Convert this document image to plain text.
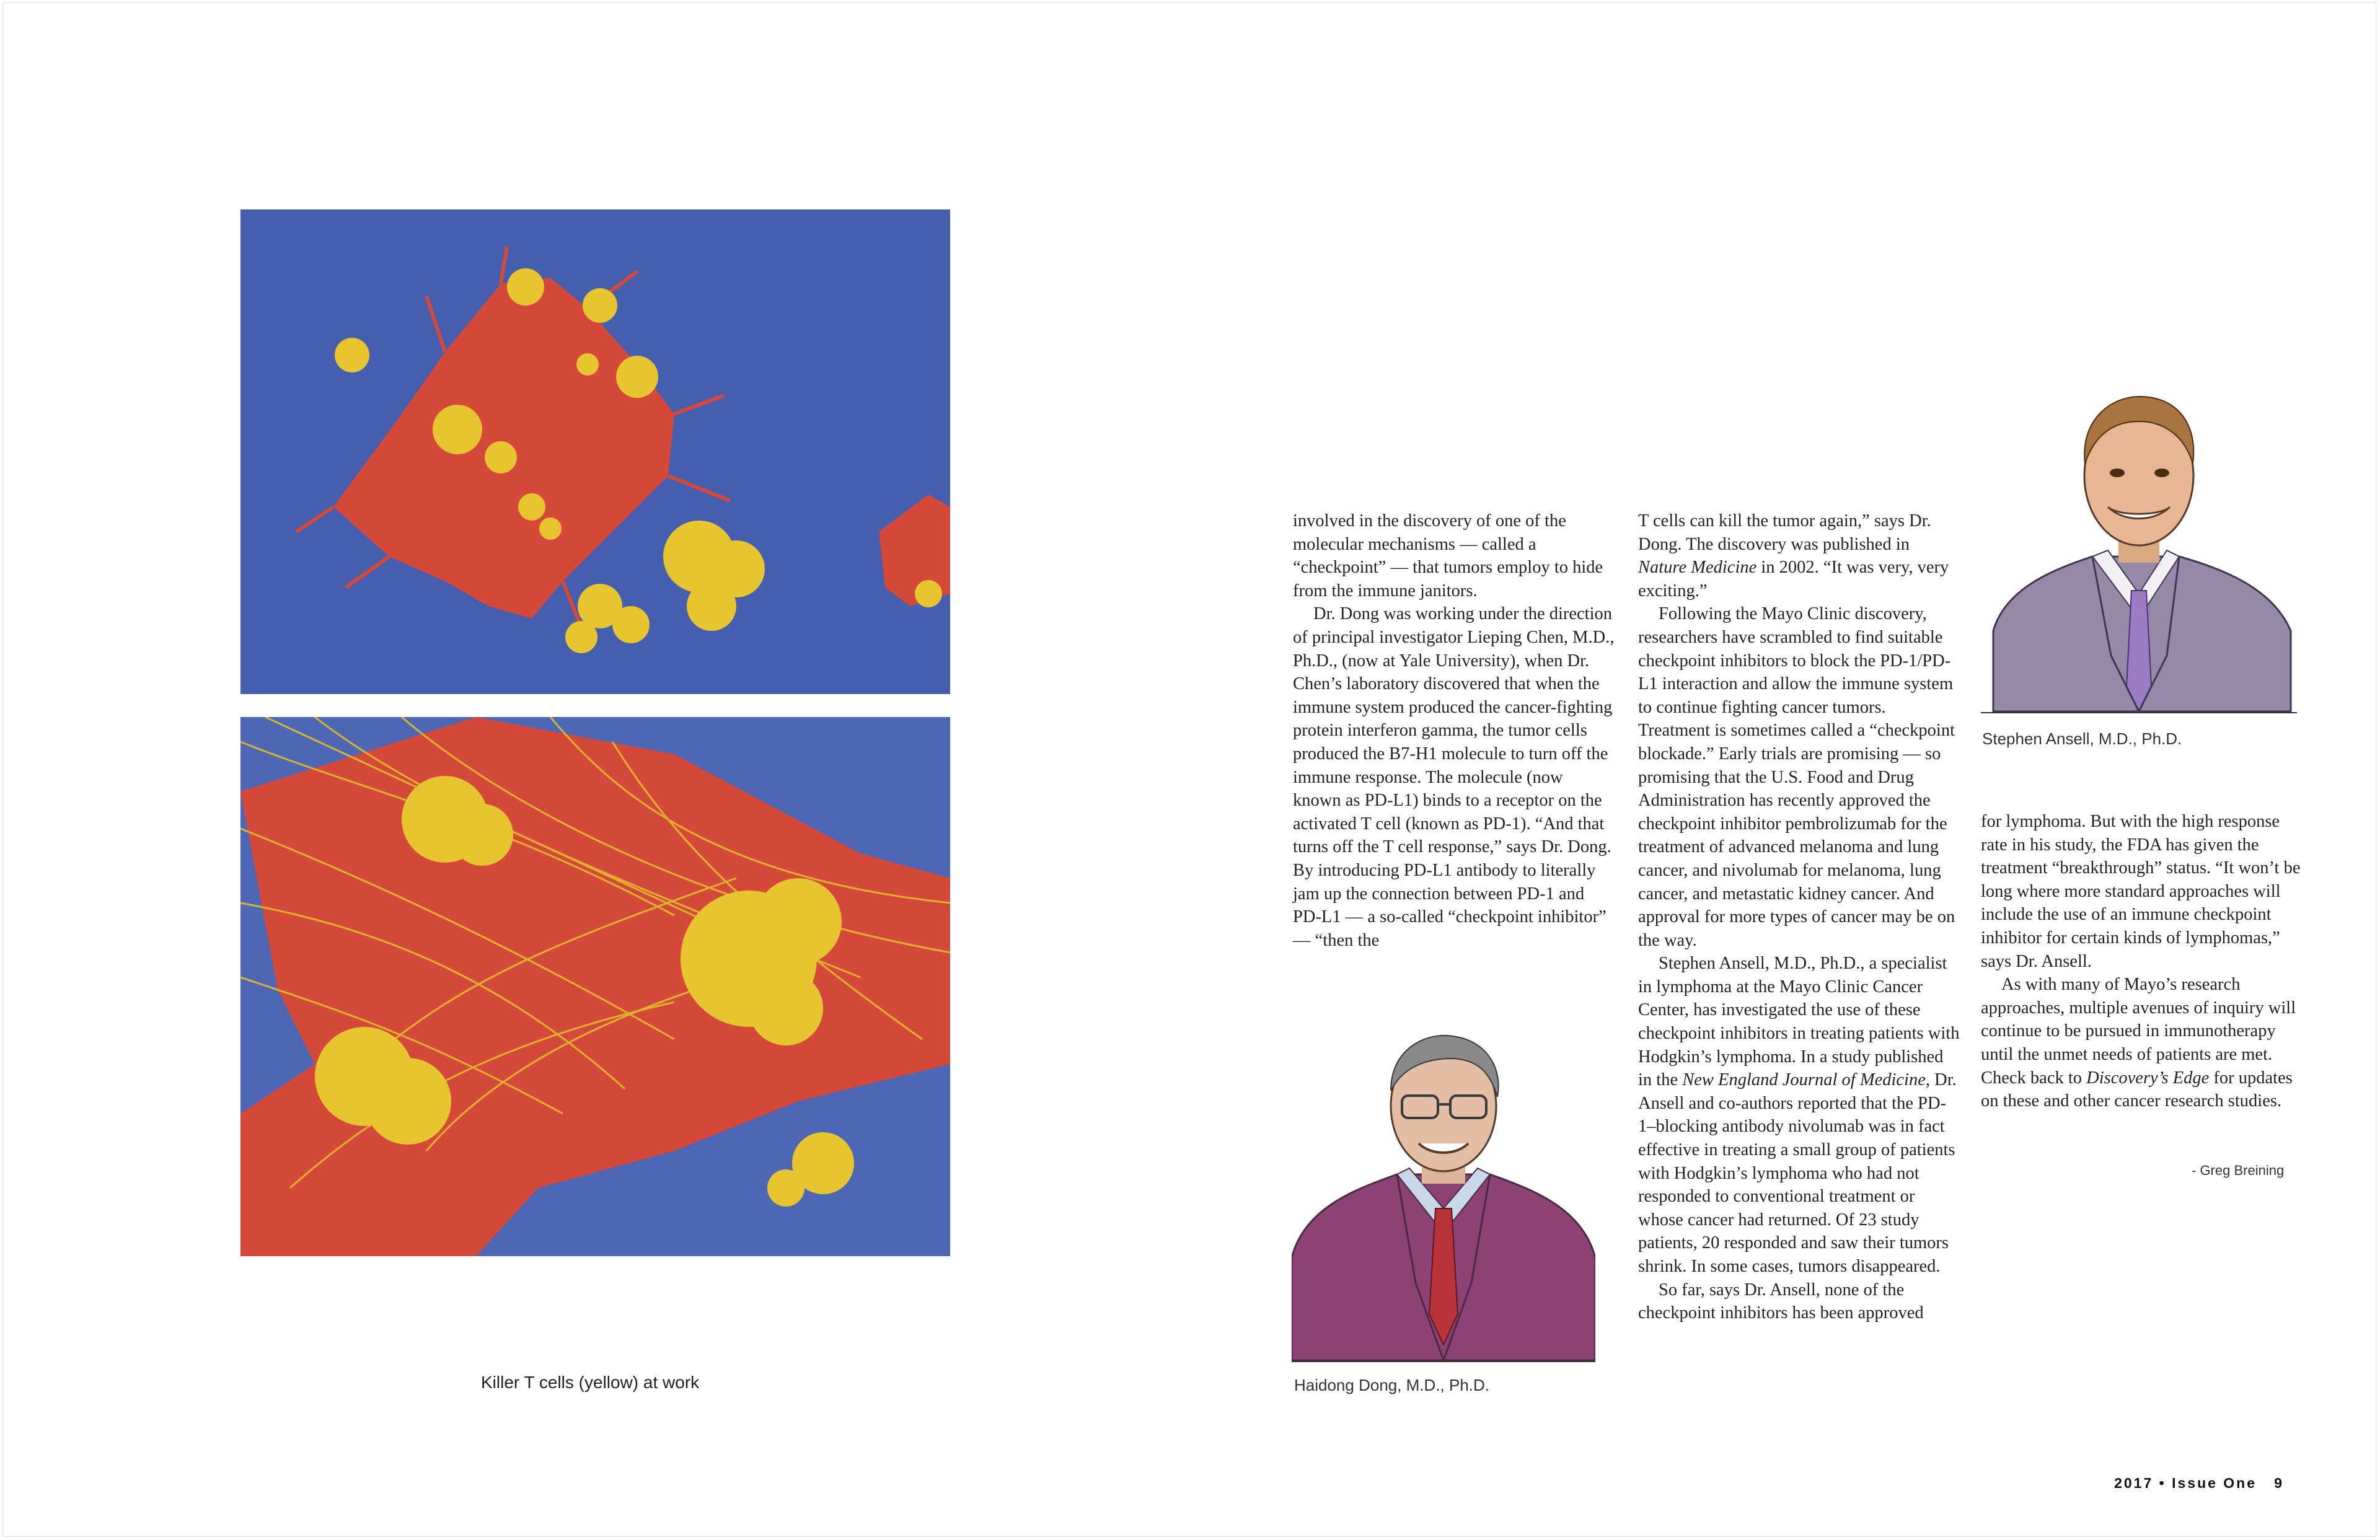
Killer T cells (yellow) at work

involved in the discovery of one of the molecular mechanisms — called a “checkpoint” — that tumors employ to hide from the immune janitors.

Dr. Dong was working under the direction of principal investigator Lieping Chen, M.D., Ph.D., (now at Yale University), when Dr. Chen’s laboratory discovered that when the immune system produced the cancer-fighting protein interferon gamma, the tumor cells produced the B7-H1 molecule to turn off the immune response. The molecule (now known as PD-L1) binds to a receptor on the activated T cell (known as PD-1). “And that turns off the T cell response,” says Dr. Dong. By introducing PD-L1 antibody to literally jam up the connection between PD-1 and PD-L1 — a so-called “checkpoint inhibitor” — “then the

T cells can kill the tumor again,” says Dr. Dong. The discovery was published in Nature Medicine in 2002. “It was very, very exciting.”

Following the Mayo Clinic discovery, researchers have scrambled to find suitable checkpoint inhibitors to block the PD-1/PD-L1 interaction and allow the immune system to continue fighting cancer tumors. Treatment is sometimes called a “checkpoint blockade.” Early trials are promising — so promising that the U.S. Food and Drug Administration has recently approved the checkpoint inhibitor pembrolizumab for the treatment of advanced melanoma and lung cancer, and nivolumab for melanoma, lung cancer, and metastatic kidney cancer. And approval for more types of cancer may be on the way.

Stephen Ansell, M.D., Ph.D., a specialist in lymphoma at the Mayo Clinic Cancer Center, has investigated the use of these checkpoint inhibitors in treating patients with Hodgkin’s lymphoma. In a study published in the New England Journal of Medicine, Dr. Ansell and co-authors reported that the PD-1–blocking antibody nivolumab was in fact effective in treating a small group of patients with Hodgkin’s lymphoma who had not responded to conventional treatment or whose cancer had returned. Of 23 study patients, 20 responded and saw their tumors shrink. In some cases, tumors disappeared.

So far, says Dr. Ansell, none of the checkpoint inhibitors has been approved

for lymphoma. But with the high response rate in his study, the FDA has given the treatment “breakthrough” status. “It won’t be long where more standard approaches will include the use of an immune checkpoint inhibitor for certain kinds of lymphomas,” says Dr. Ansell.

As with many of Mayo’s research approaches, multiple avenues of inquiry will continue to be pursued in immunotherapy until the unmet needs of patients are met. Check back to Discovery’s Edge for updates on these and other cancer research studies.

- Greg Breining
Haidong Dong, M.D., Ph.D.
Stephen Ansell, M.D., Ph.D.
2017 • Issue One   9
